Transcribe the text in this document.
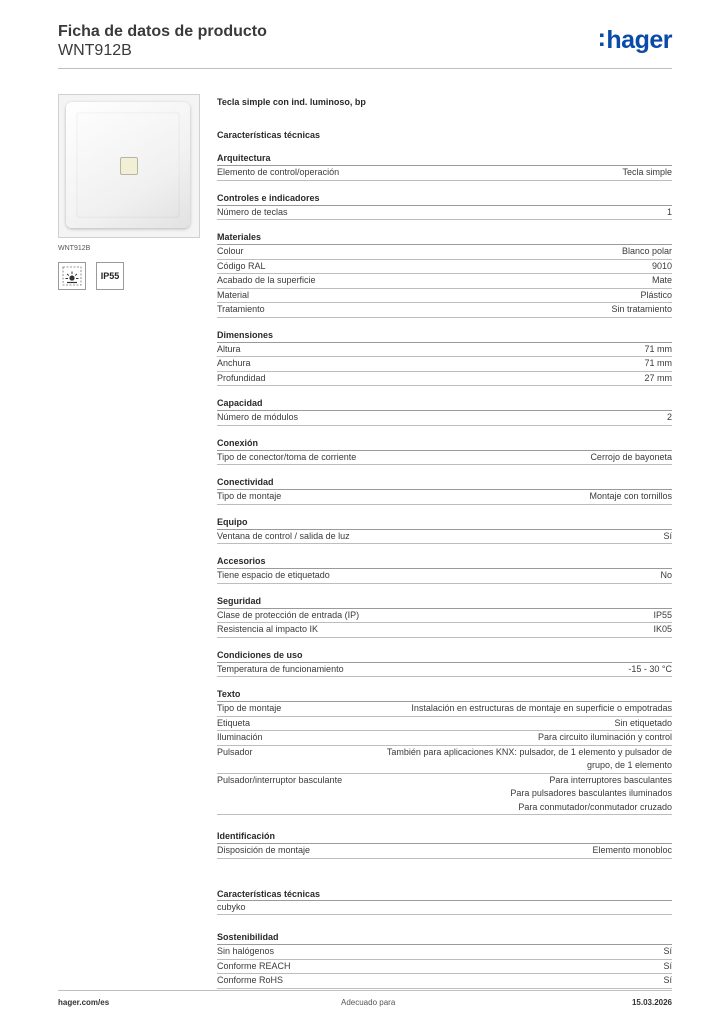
Ficha de datos de producto
WNT912B	:hager
WNT912B
IP55
Tecla simple con ind. luminoso, bp
Características técnicas
Arquitectura
Elemento de control/operación	Tecla simple
Controles e indicadores
Número de teclas	1
Materiales
Colour	Blanco polar
Código RAL	9010
Acabado de la superficie	Mate
Material	Plástico
Tratamiento	Sin tratamiento
Dimensiones
Altura	71 mm
Anchura	71 mm
Profundidad	27 mm
Capacidad
Número de módulos	2
Conexión
Tipo de conector/toma de corriente	Cerrojo de bayoneta
Conectividad
Tipo de montaje	Montaje con tornillos
Equipo
Ventana de control / salida de luz	Sí
Accesorios
Tiene espacio de etiquetado	No
Seguridad
Clase de protección de entrada (IP)	IP55
Resistencia al impacto IK	IK05
Condiciones de uso
Temperatura de funcionamiento	-15 - 30 °C
Texto
Tipo de montaje	Instalación en estructuras de montaje en superficie o empotradas
Etiqueta	Sin etiquetado
Iluminación	Para circuito iluminación y control
Pulsador	También para aplicaciones KNX: pulsador, de 1 elemento y pulsador de
grupo, de 1 elemento
Pulsador/interruptor basculante	Para interruptores basculantes
Para pulsadores basculantes iluminados
Para conmutador/conmutador cruzado
Identificación
Disposición de montaje	Elemento monobloc
Características técnicas
cubyko
Sostenibilidad
Sin halógenos	Sí
Conforme REACH	Sí
Conforme RoHS	Sí
hager.com/es	Adecuado para	15.03.2026
